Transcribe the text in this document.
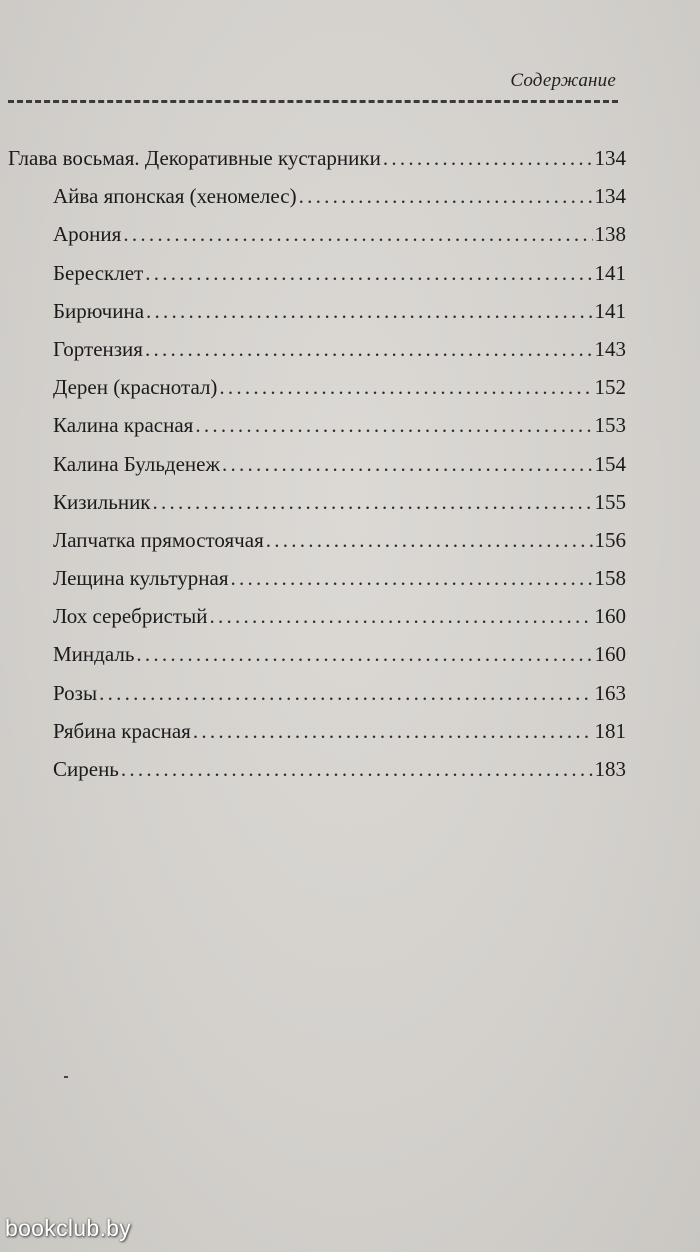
Содержание
Глава восьмая. Декоративные кустарники . . .	134
Айва японская (хеномелес) . . .	134
Арония . . .	138
Бересклет . . .	141
Бирючина . . .	141
Гортензия . . .	143
Дерен (краснотал) . . .	152
Калина красная . . .	153
Калина Бульденеж . . .	154
Кизильник . . .	155
Лапчатка прямостоячая . . .	156
Лещина культурная . . .	158
Лох серебристый . . .	160
Миндаль . . .	160
Розы . . .	163
Рябина красная . . .	181
Сирень . . .	183
bookclub.by
